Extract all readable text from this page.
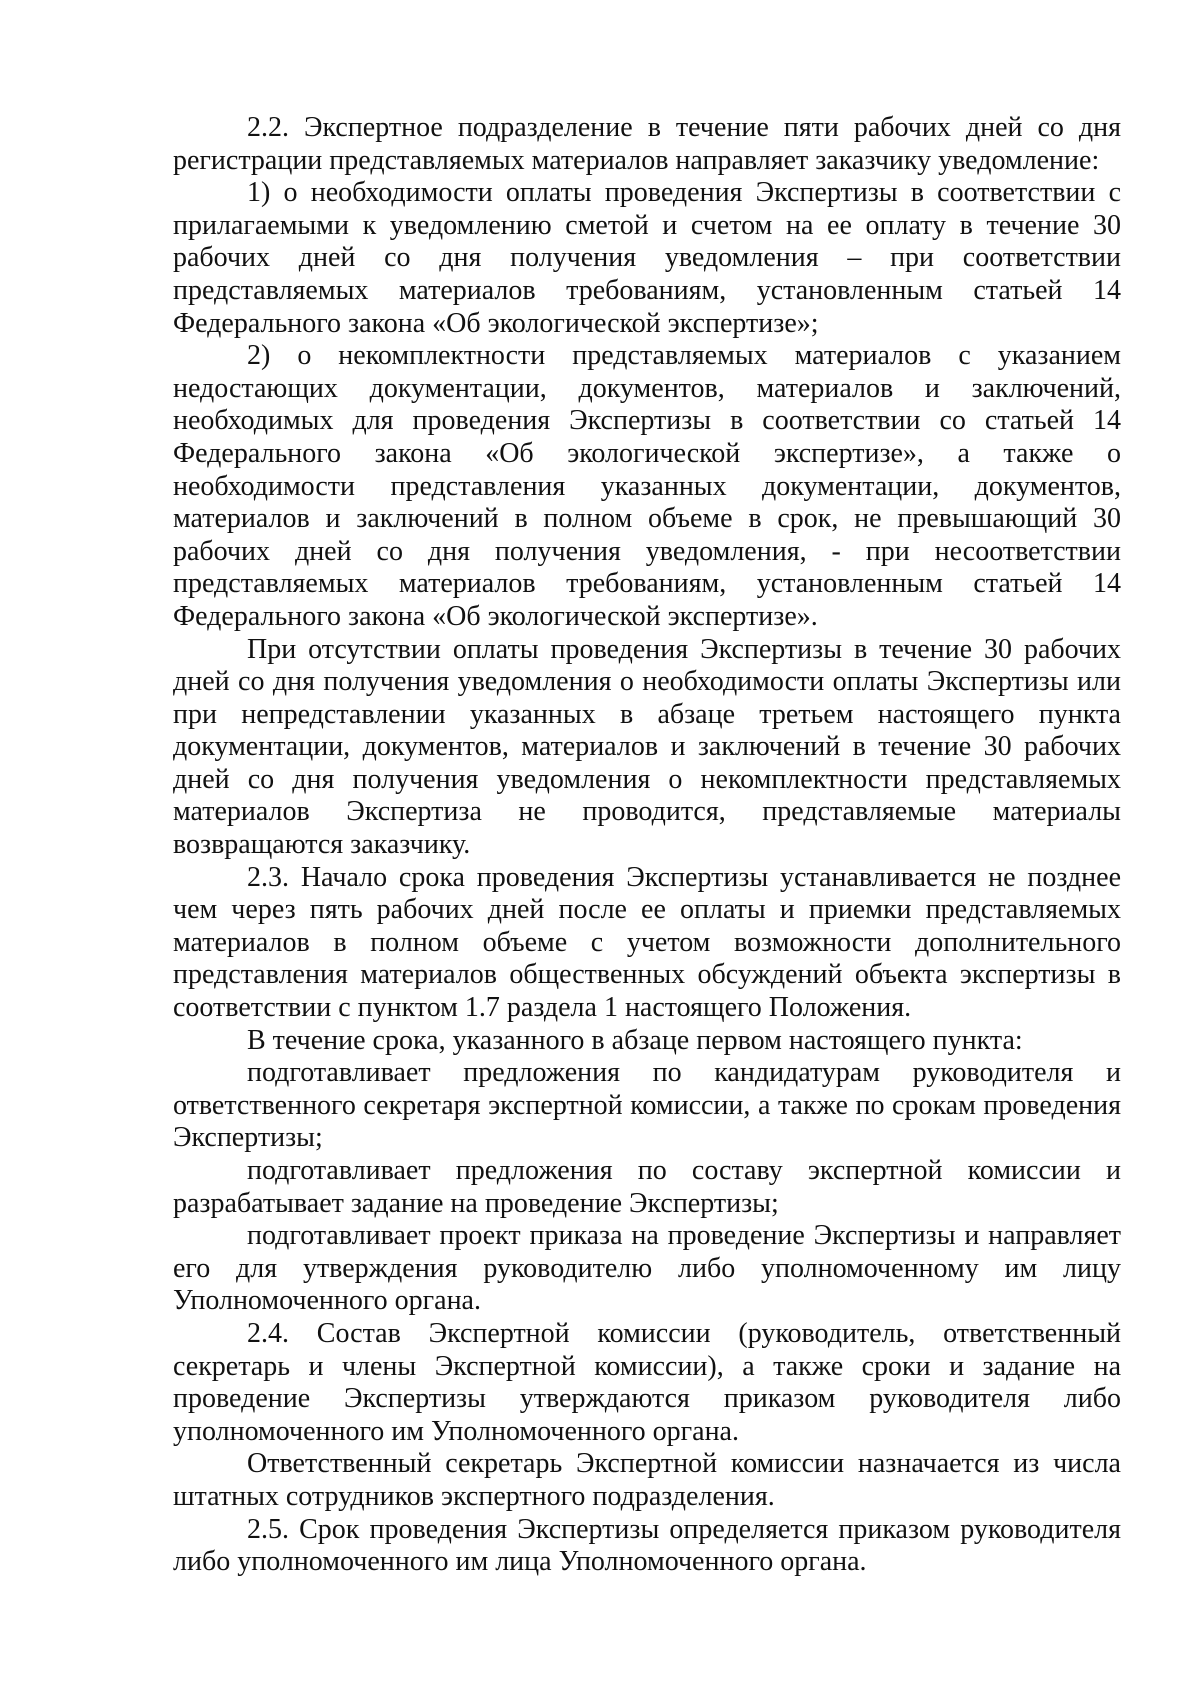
2.2. Экспертное подразделение в течение пяти рабочих дней со дня регистрации представляемых материалов направляет заказчику уведомление:

1) о необходимости оплаты проведения Экспертизы в соответствии с прилагаемыми к уведомлению сметой и счетом на ее оплату в течение 30 рабочих дней со дня получения уведомления – при соответствии представляемых материалов требованиям, установленным статьей 14 Федерального закона «Об экологической экспертизе»;

2) о некомплектности представляемых материалов с указанием недостающих документации, документов, материалов и заключений, необходимых для проведения Экспертизы в соответствии со статьей 14 Федерального закона «Об экологической экспертизе», а также о необходимости представления указанных документации, документов, материалов и заключений в полном объеме в срок, не превышающий 30 рабочих дней со дня получения уведомления, - при несоответствии представляемых материалов требованиям, установленным статьей 14 Федерального закона «Об экологической экспертизе».

При отсутствии оплаты проведения Экспертизы в течение 30 рабочих дней со дня получения уведомления о необходимости оплаты Экспертизы или при непредставлении указанных в абзаце третьем настоящего пункта документации, документов, материалов и заключений в течение 30 рабочих дней со дня получения уведомления о некомплектности представляемых материалов Экспертиза не проводится, представляемые материалы возвращаются заказчику.

2.3. Начало срока проведения Экспертизы устанавливается не позднее чем через пять рабочих дней после ее оплаты и приемки представляемых материалов в полном объеме с учетом возможности дополнительного представления материалов общественных обсуждений объекта экспертизы в соответствии с пунктом 1.7 раздела 1 настоящего Положения.

В течение срока, указанного в абзаце первом настоящего пункта:

подготавливает предложения по кандидатурам руководителя и ответственного секретаря экспертной комиссии, а также по срокам проведения Экспертизы;

подготавливает предложения по составу экспертной комиссии и разрабатывает задание на проведение Экспертизы;

подготавливает проект приказа на проведение Экспертизы и направляет его для утверждения руководителю либо уполномоченному им лицу Уполномоченного органа.

2.4. Состав Экспертной комиссии (руководитель, ответственный секретарь и члены Экспертной комиссии), а также сроки и задание на проведение Экспертизы утверждаются приказом руководителя либо уполномоченного им Уполномоченного органа.

Ответственный секретарь Экспертной комиссии назначается из числа штатных сотрудников экспертного подразделения.

2.5. Срок проведения Экспертизы определяется приказом руководителя либо уполномоченного им лица Уполномоченного органа.
